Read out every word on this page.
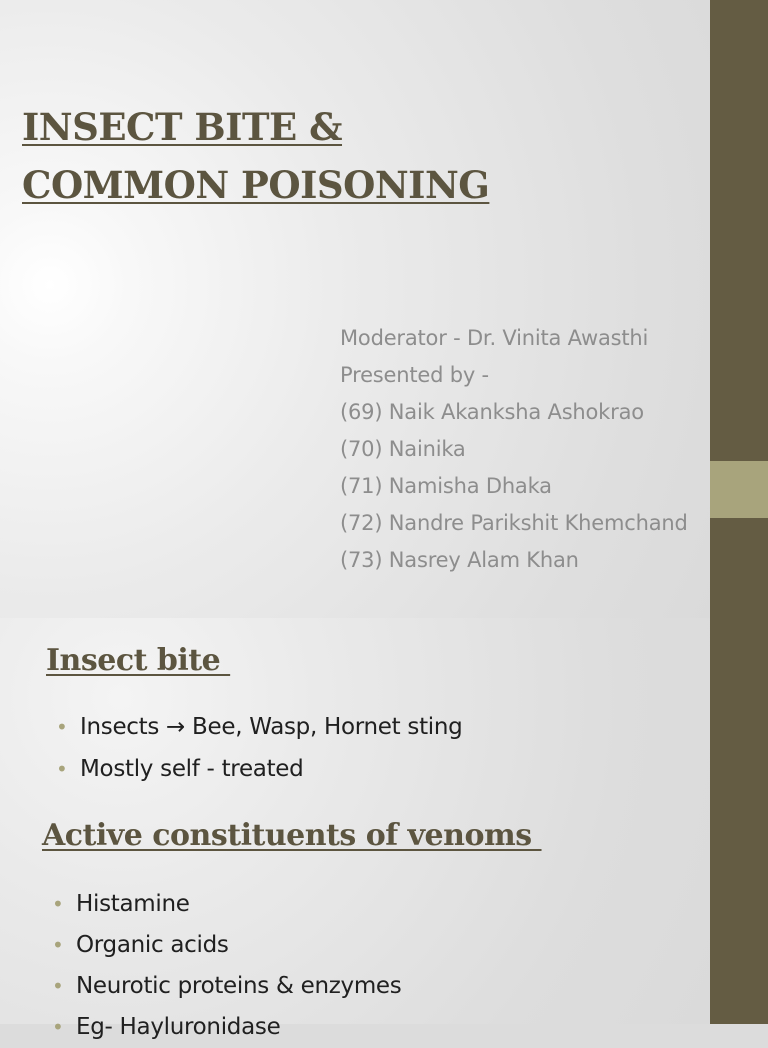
INSECT BITE &
COMMON POISONING
Moderator - Dr. Vinita Awasthi
Presented by -
(69) Naik Akanksha Ashokrao
(70) Nainika
(71) Namisha Dhaka
(72) Nandre Parikshit Khemchand
(73) Nasrey Alam Khan
Insect bite
• Insects → Bee, Wasp, Hornet sting
• Mostly self - treated
Active constituents of venoms
• Histamine
• Organic acids
• Neurotic proteins & enzymes
• Eg- Hayluronidase
